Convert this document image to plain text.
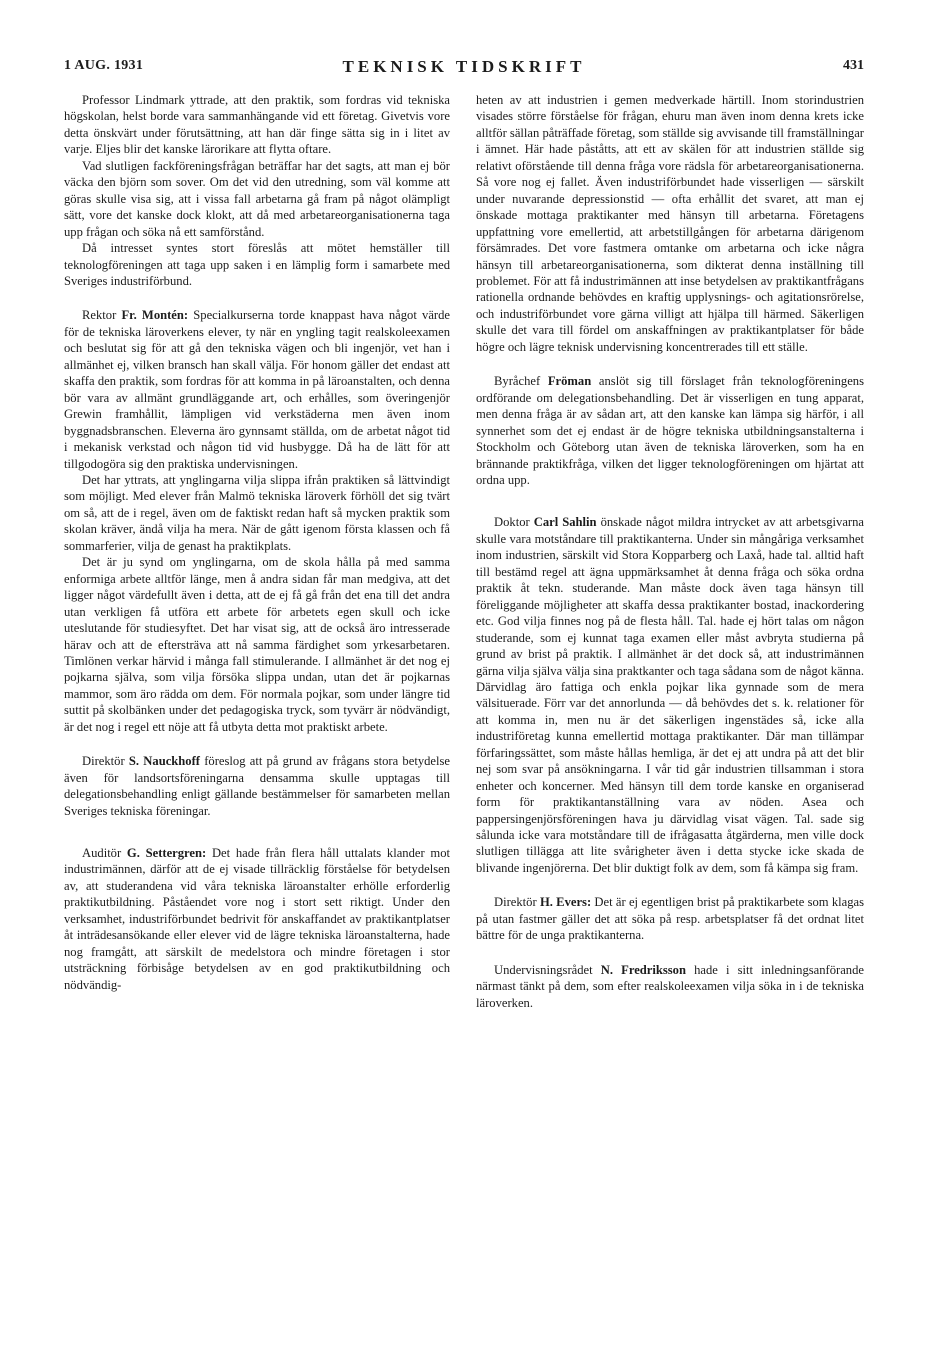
1 AUG. 1931	TEKNISK TIDSKRIFT	431

Professor Lindmark yttrade, att den praktik, som fordras vid tekniska högskolan, helst borde vara sammanhängande vid ett företag. Givetvis vore detta önskvärt under förutsättning, att han där finge sätta sig in i litet av varje. Eljes blir det kanske lärorikare att flytta oftare.

Vad slutligen fackföreningsfrågan beträffar har det sagts, att man ej bör väcka den björn som sover. Om det vid den utredning, som väl komme att göras skulle visa sig, att i vissa fall arbetarna gå fram på något olämpligt sätt, vore det kanske dock klokt, att då med arbetareorganisationerna taga upp frågan och söka nå ett samförstånd.

Då intresset syntes stort föreslås att mötet hemställer till teknologföreningen att taga upp saken i en lämplig form i samarbete med Sveriges industriförbund.

Rektor Fr. Montén: Specialkurserna torde knappast hava något värde för de tekniska läroverkens elever, ty när en yngling tagit realskoleexamen och beslutat sig för att gå den tekniska vägen och bli ingenjör, vet han i allmänhet ej, vilken bransch han skall välja. För honom gäller det endast att skaffa den praktik, som fordras för att komma in på läroanstalten, och denna bör vara av allmänt grundläggande art, och erhålles, som överingenjör Grewin framhållit, lämpligen vid verkstäderna men även inom byggnadsbranschen. Eleverna äro gynnsamt ställda, om de arbetat något tid i mekanisk verkstad och någon tid vid husbygge. Då ha de lätt för att tillgodogöra sig den praktiska undervisningen.

Det har yttrats, att ynglingarna vilja slippa ifrån praktiken så lättvindigt som möjligt. Med elever från Malmö tekniska läroverk förhöll det sig tvärt om så, att de i regel, även om de faktiskt redan haft så mycken praktik som skolan kräver, ändå vilja ha mera. När de gått igenom första klassen och få sommarferier, vilja de genast ha praktikplats.

Det är ju synd om ynglingarna, om de skola hålla på med samma enformiga arbete alltför länge, men å andra sidan får man medgiva, att det ligger något värdefullt även i detta, att de ej få gå från det ena till det andra utan verkligen få utföra ett arbete för arbetets egen skull och icke uteslutande för studiesyftet. Det har visat sig, att de också äro intresserade härav och att de eftersträva att nå samma färdighet som yrkesarbetaren. Timlönen verkar härvid i många fall stimulerande. I allmänhet är det nog ej pojkarna själva, som vilja försöka slippa undan, utan det är pojkarnas mammor, som äro rädda om dem. För normala pojkar, som under längre tid suttit på skolbänken under det pedagogiska tryck, som tyvärr är nödvändigt, är det nog i regel ett nöje att få utbyta detta mot praktiskt arbete.

Direktör S. Nauckhoff föreslog att på grund av frågans stora betydelse även för landsortsföreningarna densamma skulle upptagas till delegationsbehandling enligt gällande bestämmelser för samarbeten mellan Sveriges tekniska föreningar.

Auditör G. Settergren: Det hade från flera håll uttalats klander mot industrimännen, därför att de ej visade tillräcklig förståelse för betydelsen av, att studerandena vid våra tekniska läroanstalter erhölle erforderlig praktikutbildning. Påståendet vore nog i stort sett riktigt. Under den verksamhet, industriförbundet bedrivit för anskaffandet av praktikantplatser åt inträdesansökande eller elever vid de lägre tekniska läroanstalterna, hade nog framgått, att särskilt de medelstora och mindre företagen i stor utsträckning förbisåge betydelsen av en god praktikutbildning och nödvändig-

heten av att industrien i gemen medverkade härtill. Inom storindustrien visades större förståelse för frågan, ehuru man även inom denna krets icke alltför sällan påträffade företag, som ställde sig avvisande till framställningar i ämnet. Här hade påståtts, att ett av skälen för att industrien ställde sig relativt oförstående till denna fråga vore rädsla för arbetareorganisationerna. Så vore nog ej fallet. Även industriförbundet hade visserligen — särskilt under nuvarande depressionstid — ofta erhållit det svaret, att man ej önskade mottaga praktikanter med hänsyn till arbetarna. Företagens uppfattning vore emellertid, att arbetstillgången för arbetarna därigenom försämrades. Det vore fastmera omtanke om arbetarna och icke några hänsyn till arbetareorganisationerna, som dikterat denna inställning till problemet. För att få industrimännen att inse betydelsen av praktikantfrågans rationella ordnande behövdes en kraftig upplysnings- och agitationsrörelse, och industriförbundet vore gärna villigt att hjälpa till härmed. Säkerligen skulle det vara till fördel om anskaffningen av praktikantplatser för både högre och lägre teknisk undervisning koncentrerades till ett ställe.

Byråchef Fröman anslöt sig till förslaget från teknologföreningens ordförande om delegationsbehandling. Det är visserligen en tung apparat, men denna fråga är av sådan art, att den kanske kan lämpa sig härför, i all synnerhet som det ej endast är de högre tekniska utbildningsanstalterna i Stockholm och Göteborg utan även de tekniska läroverken, som ha en brännande praktikfråga, vilken det ligger teknologföreningen om hjärtat att ordna upp.

Doktor Carl Sahlin önskade något mildra intrycket av att arbetsgivarna skulle vara motståndare till praktikanterna. Under sin mångåriga verksamhet inom industrien, särskilt vid Stora Kopparberg och Laxå, hade tal. alltid haft till bestämd regel att ägna uppmärksamhet åt denna fråga och söka ordna praktik åt tekn. studerande. Man måste dock även taga hänsyn till föreliggande möjligheter att skaffa dessa praktikanter bostad, inackordering etc. God vilja finnes nog på de flesta håll. Tal. hade ej hört talas om någon studerande, som ej kunnat taga examen eller måst avbryta studierna på grund av brist på praktik. I allmänhet är det dock så, att industrimännen gärna vilja själva välja sina praktkanter och taga sådana som de något känna. Därvidlag äro fattiga och enkla pojkar lika gynnade som de mera välsituerade. Förr var det annorlunda — då behövdes det s. k. relationer för att komma in, men nu är det säkerligen ingenstädes så, icke alla industriföretag kunna emellertid mottaga praktikanter. Där man tillämpar förfaringssättet, som måste hållas hemliga, är det ej att undra på att det blir nej som svar på ansökningarna. I vår tid går industrien tillsamman i stora enheter och koncerner. Med hänsyn till dem torde kanske en organiserad form för praktikantanställning vara av nöden. Asea och pappersingenjörsföreningen hava ju därvidlag visat vägen. Tal. sade sig sålunda icke vara motståndare till de ifrågasatta åtgärderna, men ville dock slutligen tillägga att lite svårigheter även i detta stycke icke skada de blivande ingenjörerna. Det blir duktigt folk av dem, som få kämpa sig fram.

Direktör H. Evers: Det är ej egentligen brist på praktikarbete som klagas på utan fastmer gäller det att söka på resp. arbetsplatser få det ordnat litet bättre för de unga praktikanterna.

Undervisningsrådet N. Fredriksson hade i sitt inledningsanförande närmast tänkt på dem, som efter realskoleexamen vilja söka in i de tekniska läroverken.
